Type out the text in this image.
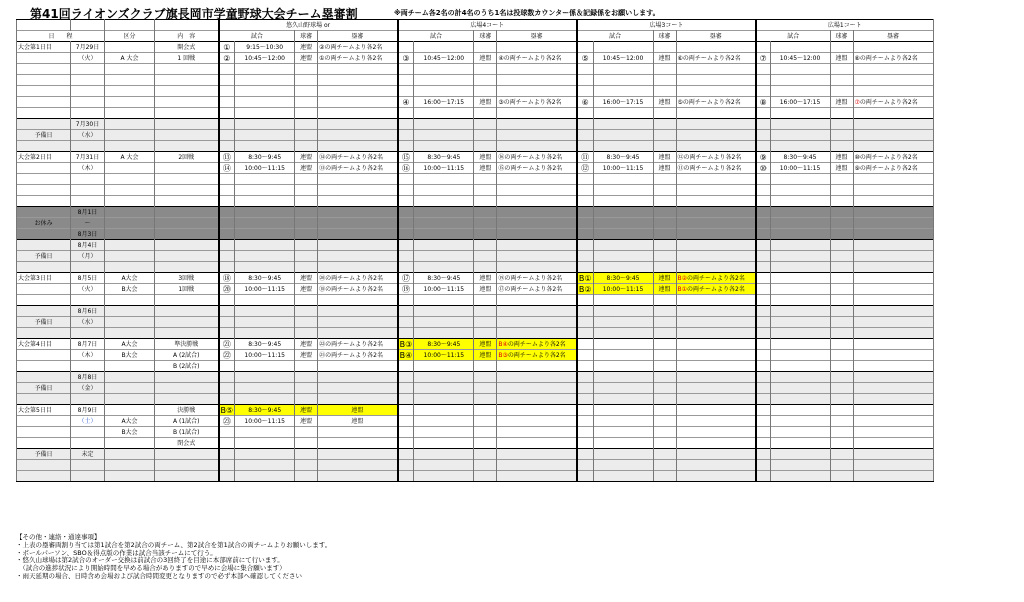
第41回ライオンズクラブ旗長岡市学童野球大会チーム塁審割	※両チーム各2名の計4名のうち1名は投球数カウンター係＆記録係をお願いします。
				悠久山野球場 or				広場4コート				広場3コート				広場1コート			
日　　程		区分	内　容	試合		球審	塁審	試合		球審	塁審	試合		球審	塁審	試合		球審	塁審
大会第1日目	7月29日		開会式	①	9:15～10:30	連盟	②の両チームより各2名												
	（火）	A 大会	1 回戦	②	10:45～12:00	連盟	①の両チームより各2名	③	10:45～12:00	連盟	④の両チームより各2名	⑤	10:45～12:00	連盟	⑥の両チームより各2名	⑦	10:45～12:00	連盟	⑧の両チームより各2名

								④	16:00～17:15	連盟	③の両チームより各2名	⑥	16:00～17:15	連盟	⑤の両チームより各2名	⑧	16:00～17:15	連盟	⑦の両チームより各2名

	7月30日																		
予備日	（水）																		

大会第2日目	7月31日	A 大会	2回戦	⑬	8:30～9:45	連盟	⑭の両チームより各2名	⑮	8:30～9:45	連盟	⑯の両チームより各2名	⑪	8:30～9:45	連盟	⑫の両チームより各2名	⑨	8:30～9:45	連盟	⑩の両チームより各2名
	（木）			⑭	10:00～11:15	連盟	⑬の両チームより各2名	⑯	10:00～11:15	連盟	⑮の両チームより各2名	⑫	10:00～11:15	連盟	⑪の両チームより各2名	⑩	10:00～11:15	連盟	⑨の両チームより各2名

	8月1日																		
お休み	～																		
	8月3日																		
	8月4日																		
予備日	（月）																		

大会第3日目	8月5日	A大会	3回戦	⑱	8:30～9:45	連盟	⑳の両チームより各2名	⑰	8:30～9:45	連盟	⑲の両チームより各2名	B①	8:30～9:45	連盟	B②の両チームより各2名				
	（火）	B大会	1回戦	⑳	10:00～11:15	連盟	⑱の両チームより各2名	⑲	10:00～11:15	連盟	⑰の両チームより各2名	B②	10:00～11:15	連盟	B①の両チームより各2名				

	8月6日																		
予備日	（水）																		

大会第4日目	8月7日	A大会	準決勝戦	㉑	8:30～9:45	連盟	㉒の両チームより各2名	B③	8:30～9:45	連盟	B④の両チームより各2名								
	（木）	B大会	A (2試合)	㉒	10:00～11:15	連盟	㉑の両チームより各2名	B④	10:00～11:15	連盟	B③の両チームより各2名								
			B (2試合)																
	8月8日																		
予備日	（金）																		

大会第5日目	8月9日		決勝戦	B⑤	8:30～9:45	連盟	連盟												
	（土）	A大会	A (1試合)	㉓	10:00～11:15	連盟	連盟												
		B大会	B (1試合)																
			閉会式																
予備日	未定																		

【その他・連絡・通達事項】
・上表の塁審両割り当ては第1試合を第2試合の両チーム、第2試合を第1試合の両チームよりお願いします。
・ボールパーソン、SBO＆得点版の作業は試合当該チームにて行う。
・悠久山球場は第2試合のオーダー交換は前試合の3回終了を目途に本部席前にて行います。
　（試合の進捗状況により開始時間を早める場合がありますので早めに会場に集合願います）
・雨天延期の場合、日時含め会場および試合時間変更となりますので必ず本部へ確認してください
